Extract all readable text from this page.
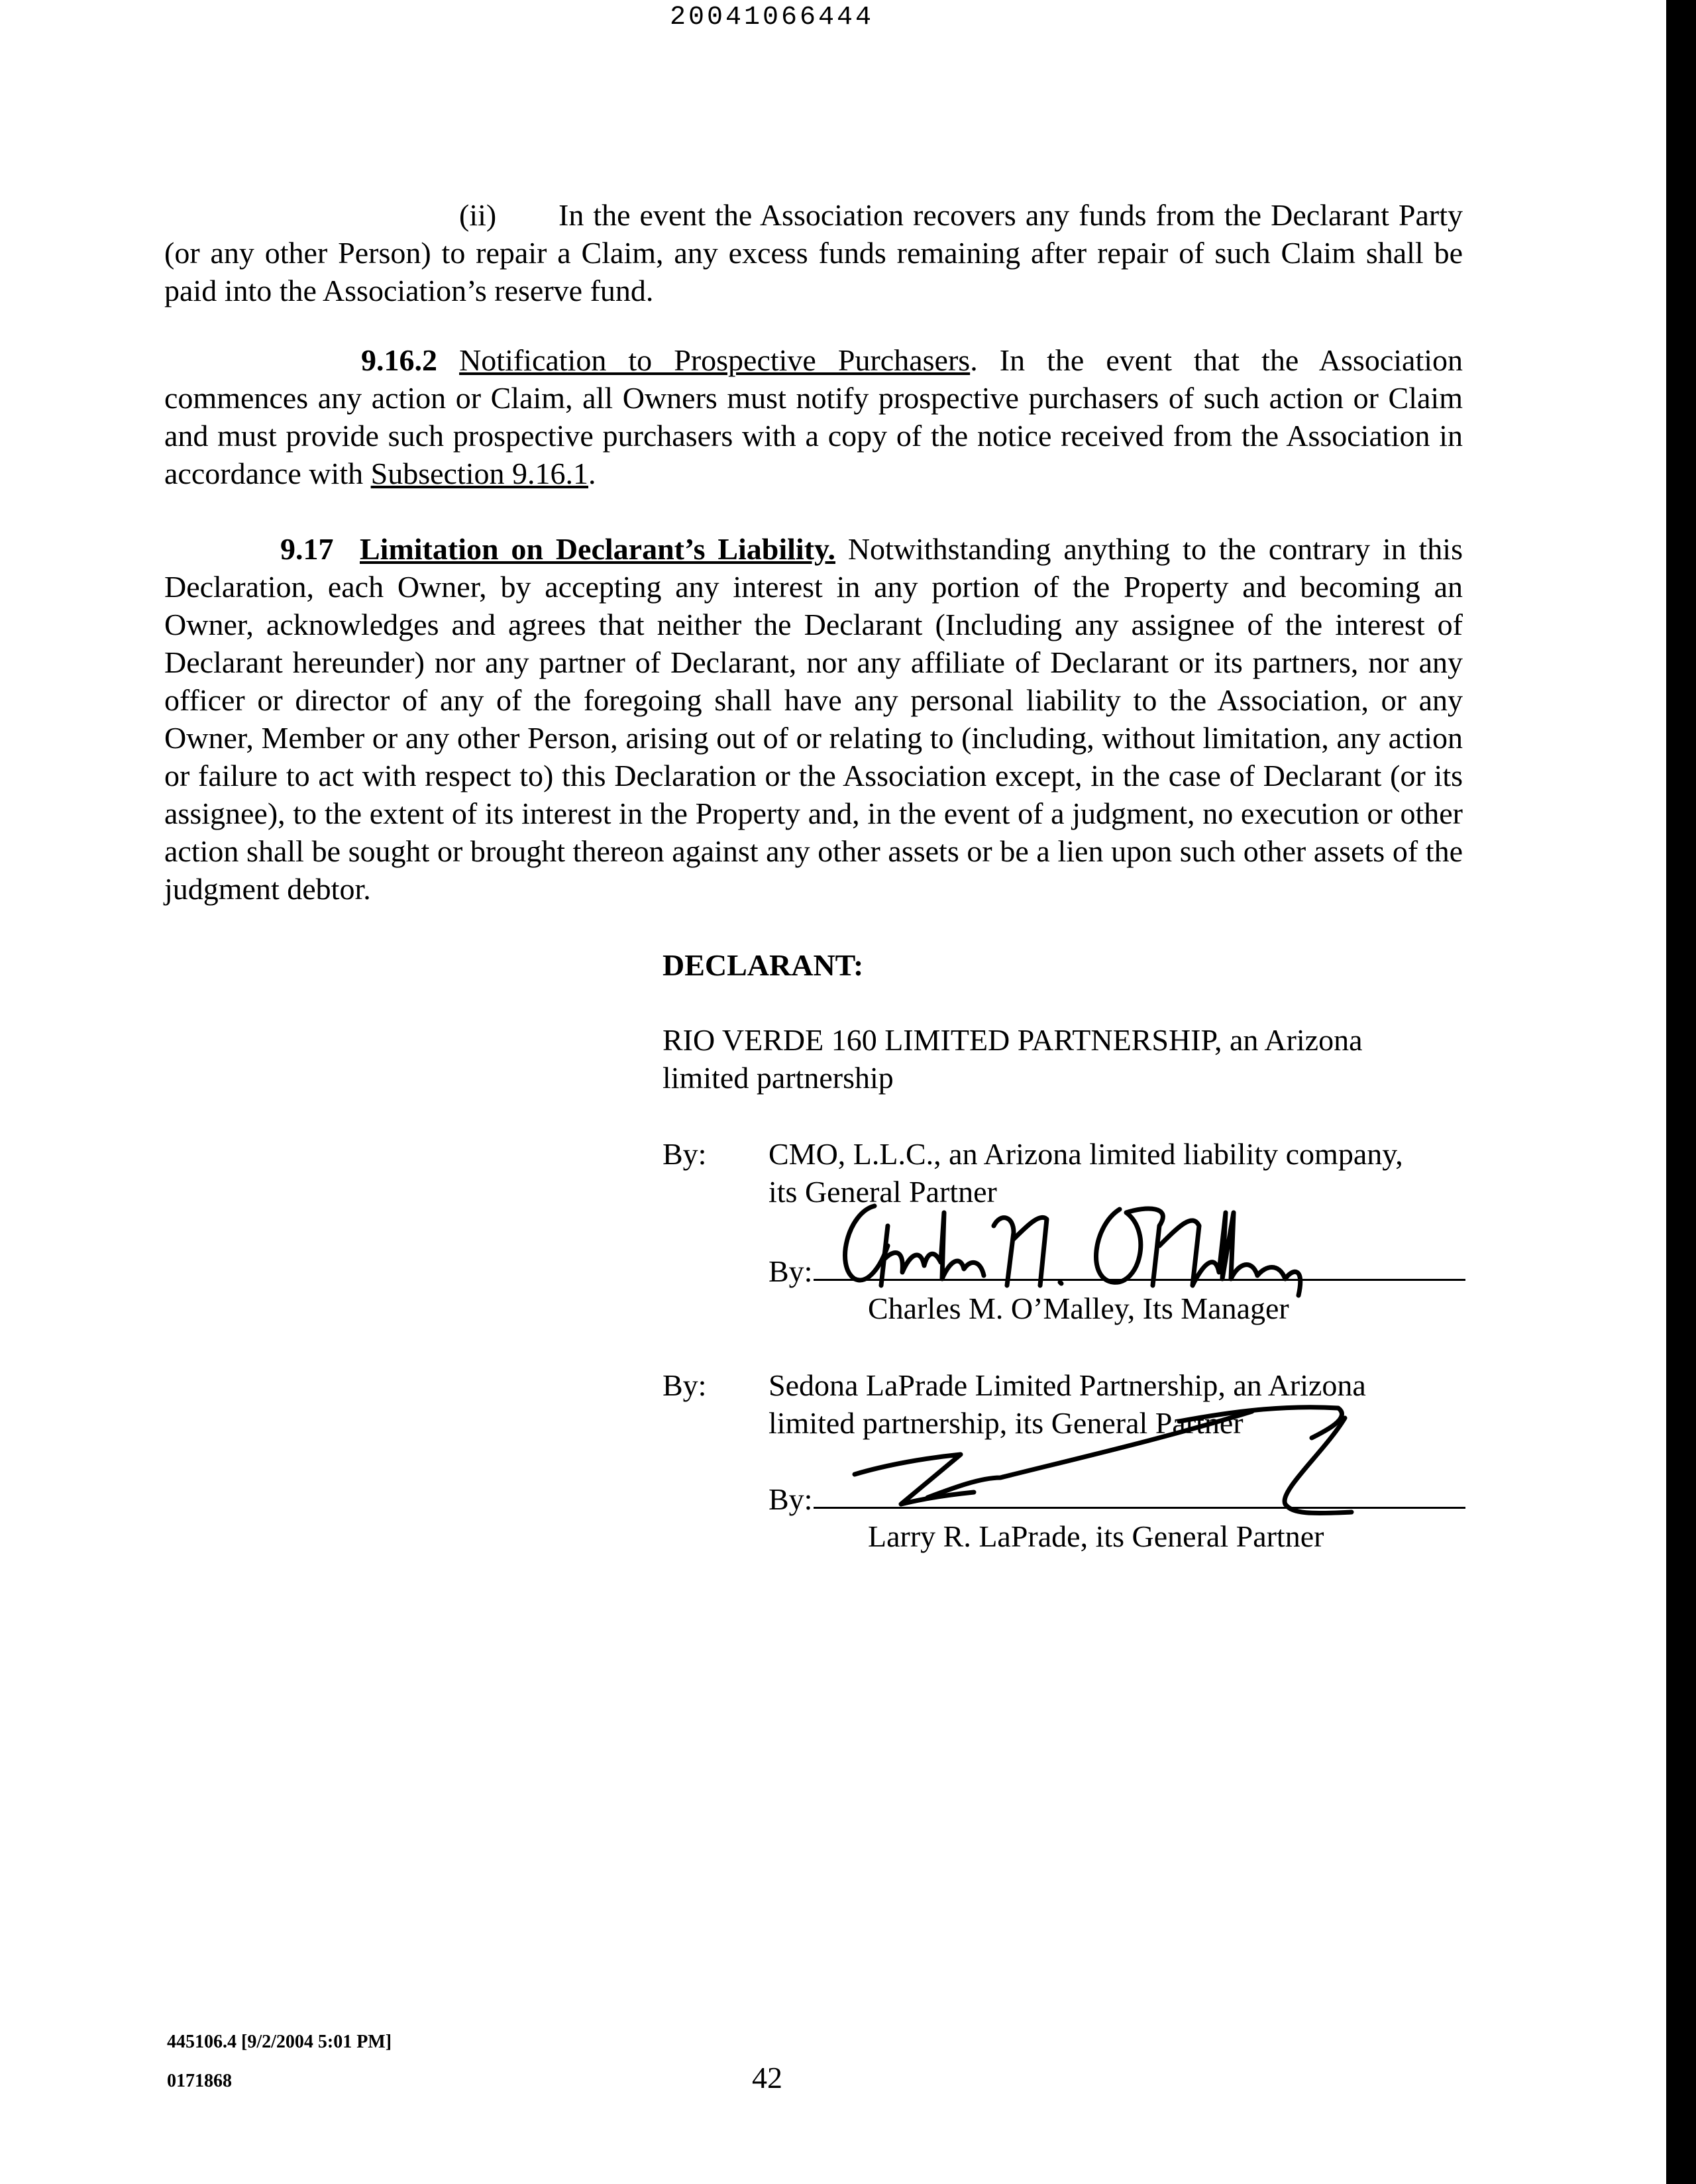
20041066444

(ii) In the event the Association recovers any funds from the Declarant Party (or any other Person) to repair a Claim, any excess funds remaining after repair of such Claim shall be paid into the Association’s reserve fund.

9.16.2 Notification to Prospective Purchasers. In the event that the Association commences any action or Claim, all Owners must notify prospective purchasers of such action or Claim and must provide such prospective purchasers with a copy of the notice received from the Association in accordance with Subsection 9.16.1.

9.17 Limitation on Declarant’s Liability. Notwithstanding anything to the contrary in this Declaration, each Owner, by accepting any interest in any portion of the Property and becoming an Owner, acknowledges and agrees that neither the Declarant (Including any assignee of the interest of Declarant hereunder) nor any partner of Declarant, nor any affiliate of Declarant or its partners, nor any officer or director of any of the foregoing shall have any personal liability to the Association, or any Owner, Member or any other Person, arising out of or relating to (including, without limitation, any action or failure to act with respect to) this Declaration or the Association except, in the case of Declarant (or its assignee), to the extent of its interest in the Property and, in the event of a judgment, no execution or other action shall be sought or brought thereon against any other assets or be a lien upon such other assets of the judgment debtor.

DECLARANT:
RIO VERDE 160 LIMITED PARTNERSHIP, an Arizona
limited partnership
By: CMO, L.L.C., an Arizona limited liability company,
its General Partner
By:
Charles M. O’Malley, Its Manager
By: Sedona LaPrade Limited Partnership, an Arizona
limited partnership, its General Partner
By:
Larry R. LaPrade, its General Partner
445106.4 [9/2/2004 5:01 PM]
0171868	42
